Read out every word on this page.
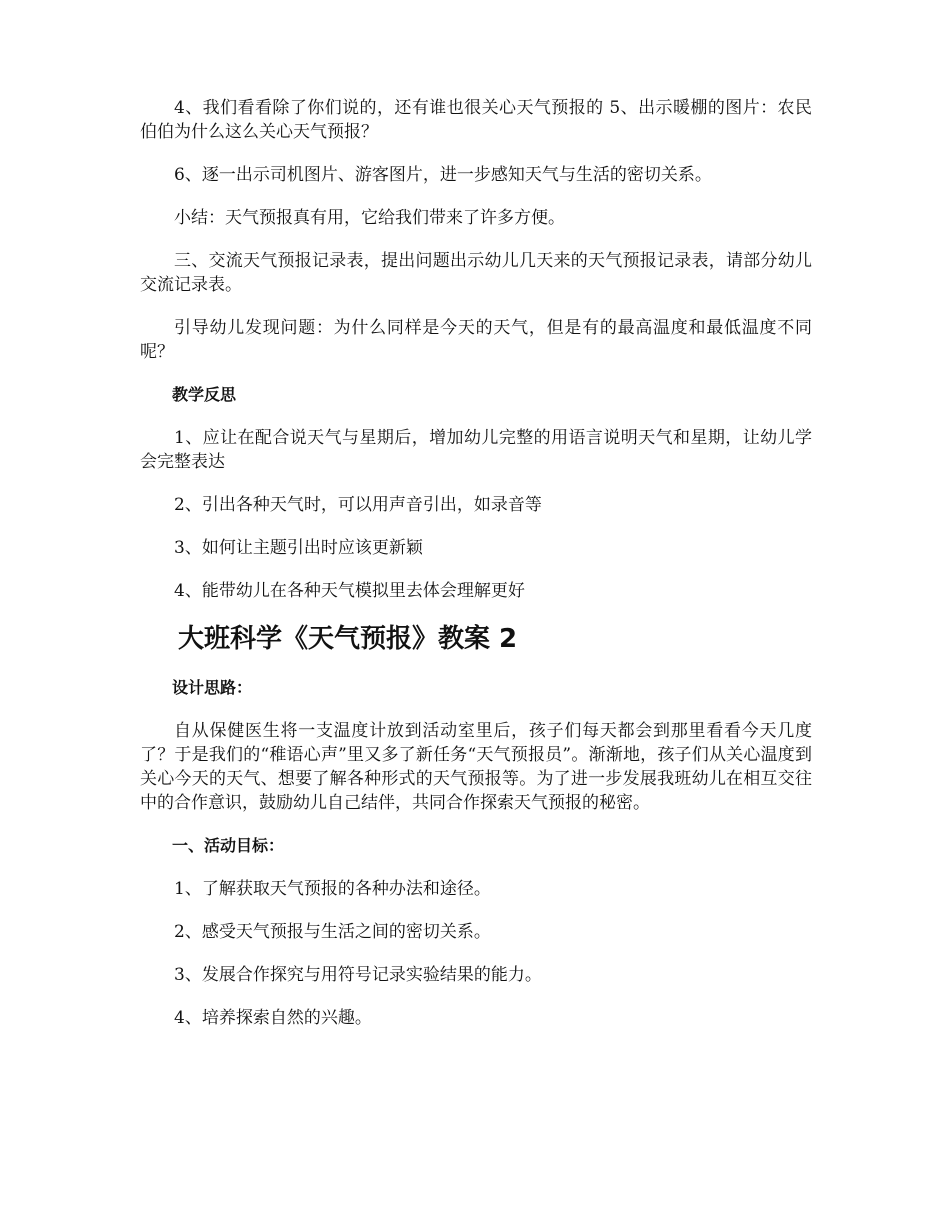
4、我们看看除了你们说的，还有谁也很关心天气预报的 5、出示暖棚的图片：农民伯伯为什么这么关心天气预报？

6、逐一出示司机图片、游客图片，进一步感知天气与生活的密切关系。

小结：天气预报真有用，它给我们带来了许多方便。

三、交流天气预报记录表，提出问题出示幼儿几天来的天气预报记录表，请部分幼儿交流记录表。

引导幼儿发现问题：为什么同样是今天的天气，但是有的最高温度和最低温度不同呢？

教学反思

1、应让在配合说天气与星期后，增加幼儿完整的用语言说明天气和星期，让幼儿学会完整表达

2、引出各种天气时，可以用声音引出，如录音等

3、如何让主题引出时应该更新颖

4、能带幼儿在各种天气模拟里去体会理解更好

大班科学《天气预报》教案 2

设计思路：

自从保健医生将一支温度计放到活动室里后，孩子们每天都会到那里看看今天几度了？于是我们的“稚语心声”里又多了新任务“天气预报员”。渐渐地，孩子们从关心温度到关心今天的天气、想要了解各种形式的天气预报等。为了进一步发展我班幼儿在相互交往中的合作意识，鼓励幼儿自己结伴，共同合作探索天气预报的秘密。

一、活动目标：

1、了解获取天气预报的各种办法和途径。

2、感受天气预报与生活之间的密切关系。

3、发展合作探究与用符号记录实验结果的能力。

4、培养探索自然的兴趣。
